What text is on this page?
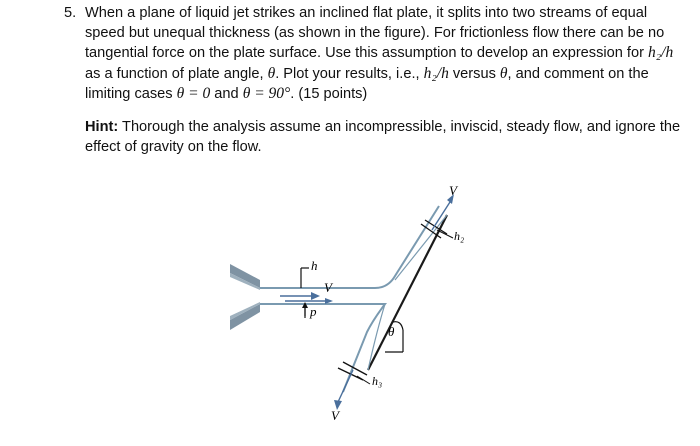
5. When a plane of liquid jet strikes an inclined flat plate, it splits into two streams of equal speed but unequal thickness (as shown in the figure). For frictionless flow there can be no tangential force on the plate surface. Use this assumption to develop an expression for h₂/h as a function of plate angle, θ. Plot your results, i.e., h₂/h versus θ, and comment on the limiting cases θ = 0 and θ = 90°. (15 points)
Hint: Thorough the analysis assume an incompressible, inviscid, steady flow, and ignore the effect of gravity on the flow.
V
h₂
h
V
p
θ
h₃
V
